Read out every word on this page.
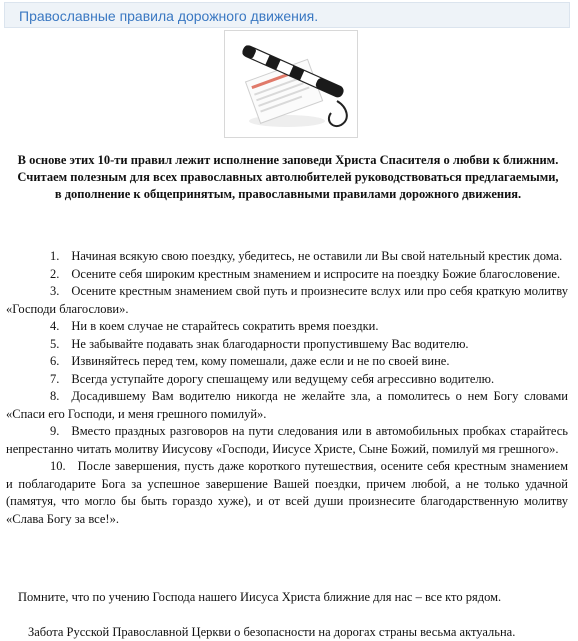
Православные правила дорожного движения.

В основе этих 10-ти правил лежит исполнение заповеди Христа Спасителя о любви к ближним.

Считаем полезным для всех православных автолюбителей руководствоваться предлагаемыми, в дополнение к общепринятым, православными правилами дорожного движения.

1. Начиная всякую свою поездку, убедитесь, не оставили ли Вы свой нательный крестик дома.

2. Осените себя широким крестным знамением и испросите на поездку Божие благословение.

3. Осените крестным знамением свой путь и произнесите вслух или про себя краткую молитву «Господи благослови».

4. Ни в коем случае не старайтесь сократить время поездки.

5. Не забывайте подавать знак благодарности пропустившему Вас водителю.

6. Извиняйтесь перед тем, кому помешали, даже если и не по своей вине.

7. Всегда уступайте дорогу спешащему или ведущему себя агрессивно водителю.

8. Досадившему Вам водителю никогда не желайте зла, а помолитесь о нем Богу словами «Спаси его Господи, и меня грешного помилуй».

9. Вместо праздных разговоров на пути следования или в автомобильных пробках старайтесь непрестанно читать молитву Иисусову «Господи, Иисусе Христе, Сыне Божий, помилуй мя грешного».

10. После завершения, пусть даже короткого путешествия, осените себя крестным знамением и поблагодарите Бога за успешное завершение Вашей поездки, причем любой, а не только удачной (памятуя, что могло бы быть гораздо хуже), и от всей души произнесите благодарственную молитву «Слава Богу за все!».

Помните, что по учению Господа нашего Иисуса Христа ближние для нас – все кто рядом.
Забота Русской Православной Церкви о безопасности на дорогах страны весьма актуальна.
